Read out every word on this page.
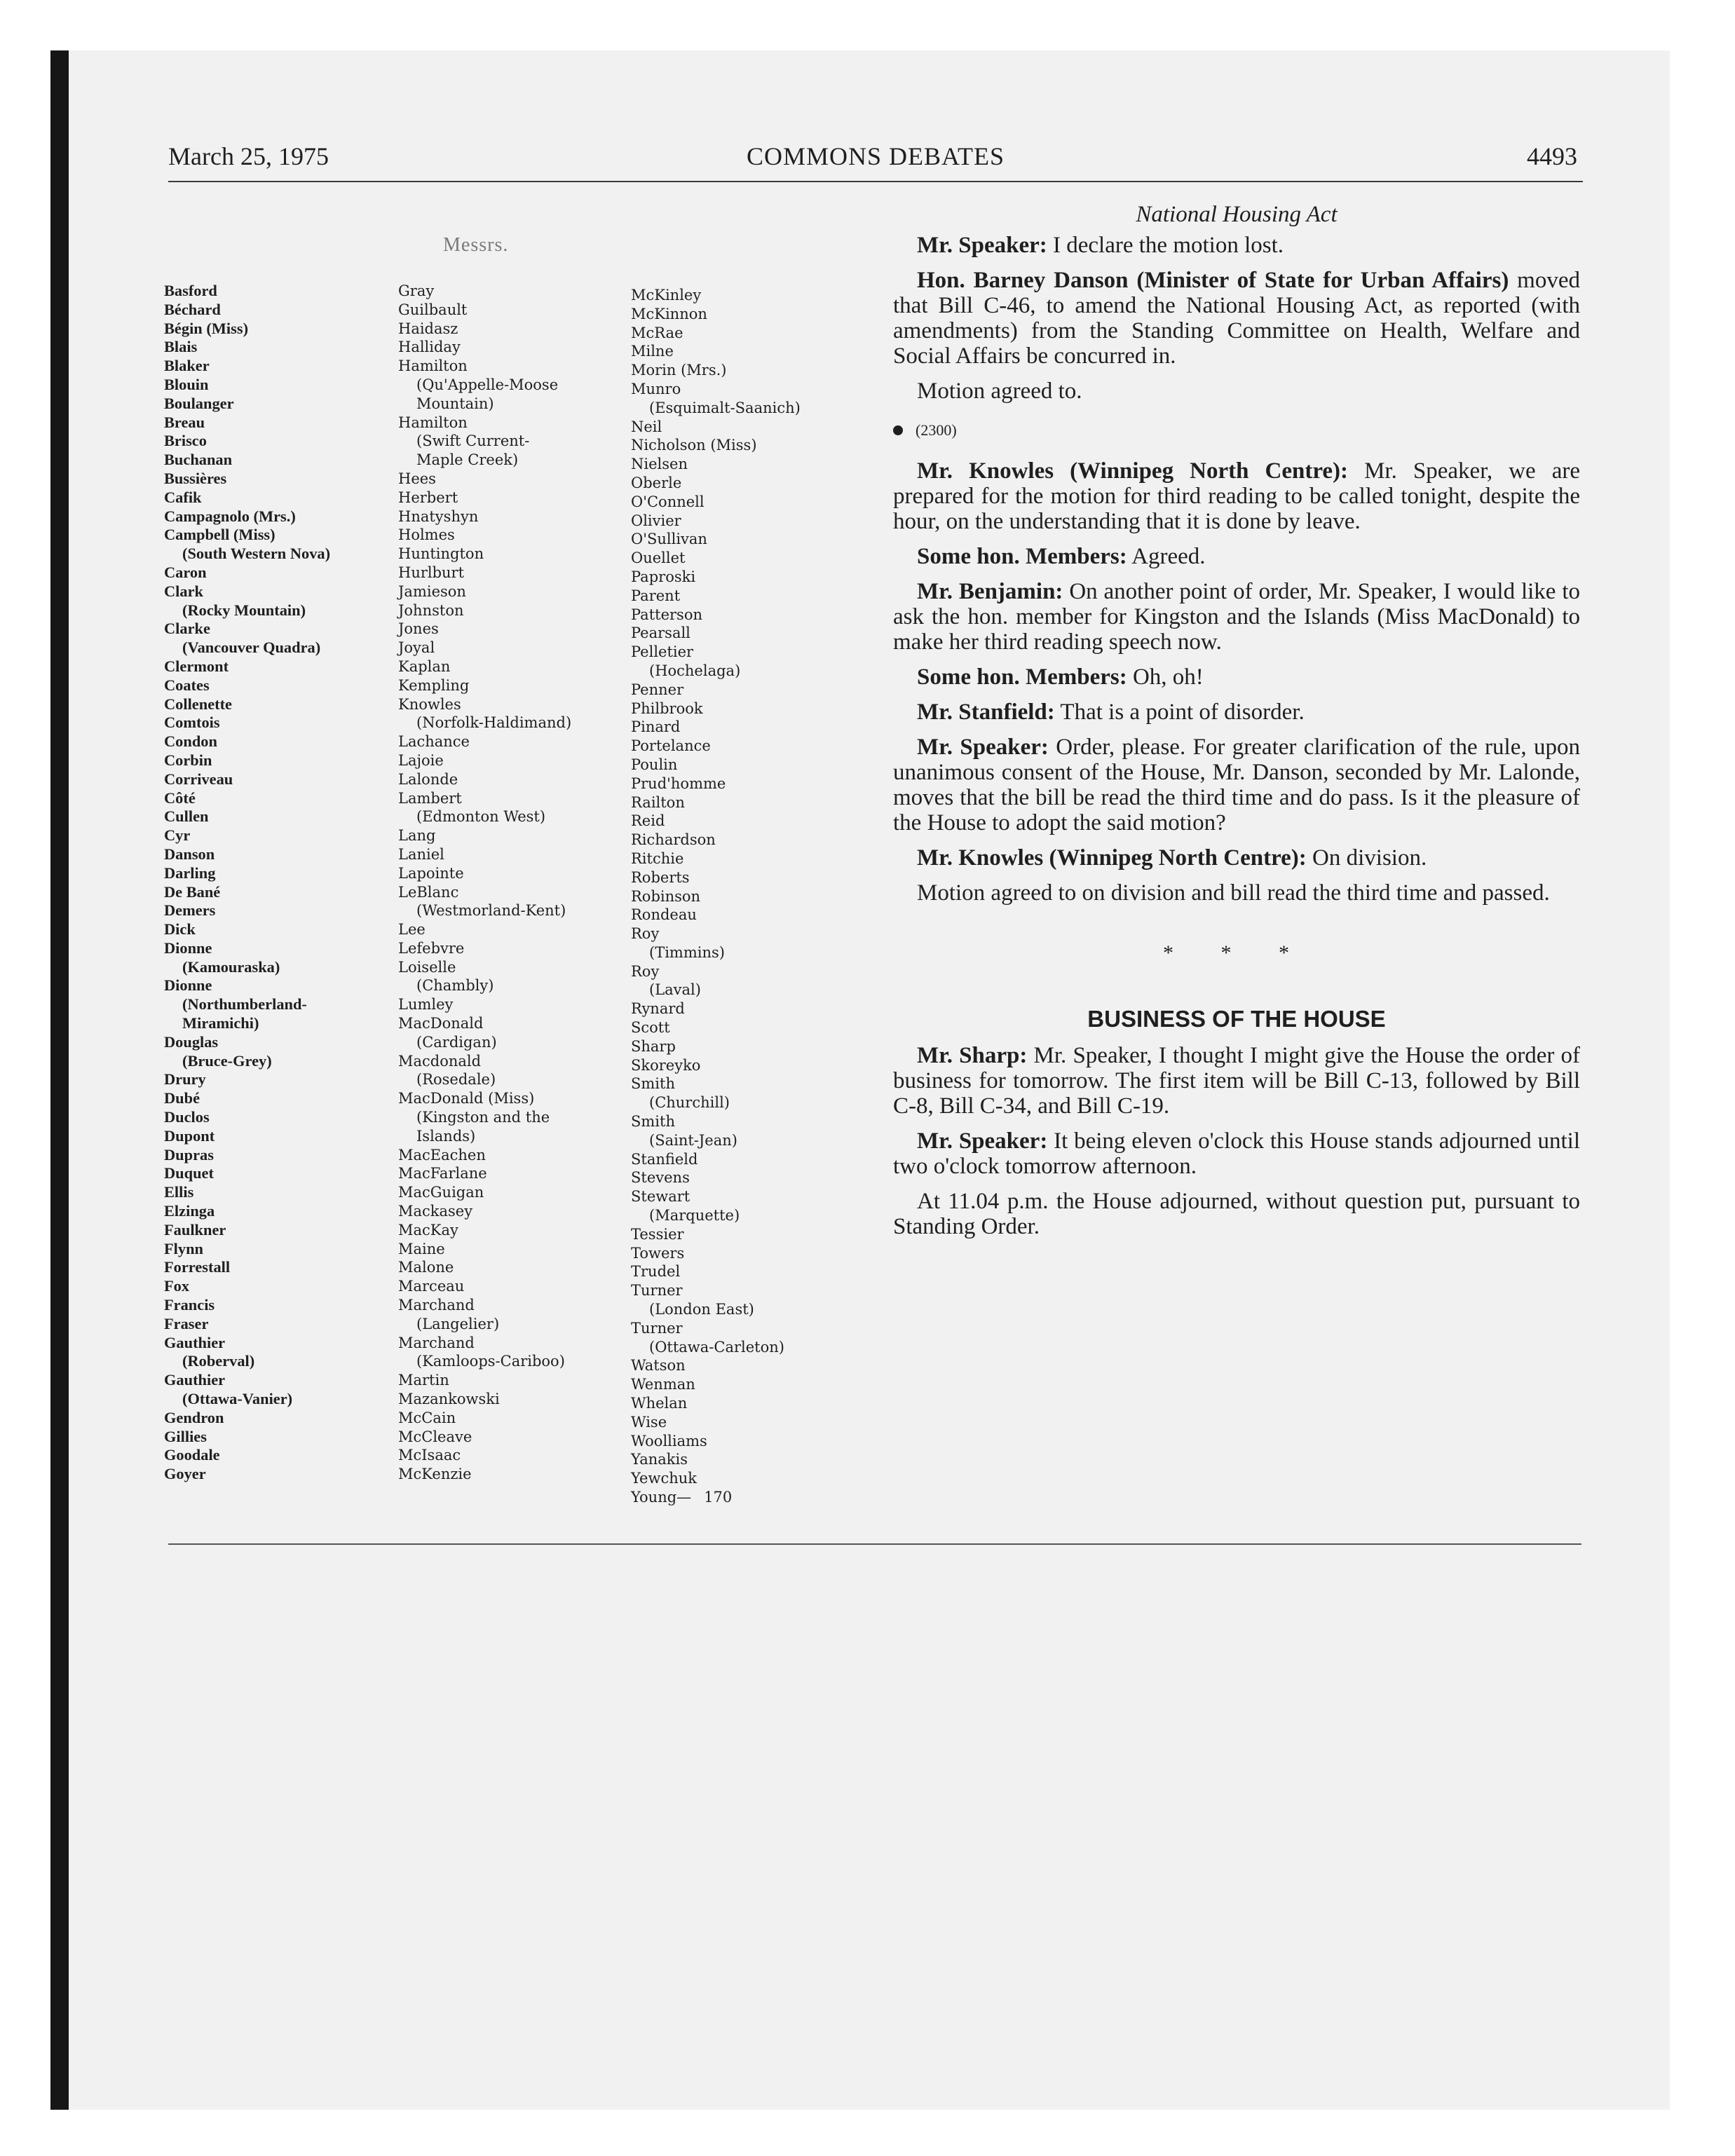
March 25, 1975	COMMONS DEBATES	4493
Messrs.
Basford
Béchard
Bégin (Miss)
Blais
Blaker
Blouin
Boulanger
Breau
Brisco
Buchanan
Bussières
Cafik
Campagnolo (Mrs.)
Campbell (Miss)
(South Western Nova)
Caron
Clark
(Rocky Mountain)
Clarke
(Vancouver Quadra)
Clermont
Coates
Collenette
Comtois
Condon
Corbin
Corriveau
Côté
Cullen
Cyr
Danson
Darling
De Bané
Demers
Dick
Dionne
(Kamouraska)
Dionne
(Northumberland-
Miramichi)
Douglas
(Bruce-Grey)
Drury
Dubé
Duclos
Dupont
Dupras
Duquet
Ellis
Elzinga
Faulkner
Flynn
Forrestall
Fox
Francis
Fraser
Gauthier
(Roberval)
Gauthier
(Ottawa-Vanier)
Gendron
Gillies
Goodale
Goyer
Gray
Guilbault
Haidasz
Halliday
Hamilton
(Qu'Appelle-Moose
Mountain)
Hamilton
(Swift Current-
Maple Creek)
Hees
Herbert
Hnatyshyn
Holmes
Huntington
Hurlburt
Jamieson
Johnston
Jones
Joyal
Kaplan
Kempling
Knowles
(Norfolk-Haldimand)
Lachance
Lajoie
Lalonde
Lambert
(Edmonton West)
Lang
Laniel
Lapointe
LeBlanc
(Westmorland-Kent)
Lee
Lefebvre
Loiselle
(Chambly)
Lumley
MacDonald
(Cardigan)
Macdonald
(Rosedale)
MacDonald (Miss)
(Kingston and the
Islands)
MacEachen
MacFarlane
MacGuigan
Mackasey
MacKay
Maine
Malone
Marceau
Marchand
(Langelier)
Marchand
(Kamloops-Cariboo)
Martin
Mazankowski
McCain
McCleave
McIsaac
McKenzie
McKinley
McKinnon
McRae
Milne
Morin (Mrs.)
Munro
(Esquimalt-Saanich)
Neil
Nicholson (Miss)
Nielsen
Oberle
O'Connell
Olivier
O'Sullivan
Ouellet
Paproski
Parent
Patterson
Pearsall
Pelletier
(Hochelaga)
Penner
Philbrook
Pinard
Portelance
Poulin
Prud'homme
Railton
Reid
Richardson
Ritchie
Roberts
Robinson
Rondeau
Roy
(Timmins)
Roy
(Laval)
Rynard
Scott
Sharp
Skoreyko
Smith
(Churchill)
Smith
(Saint-Jean)
Stanfield
Stevens
Stewart
(Marquette)
Tessier
Towers
Trudel
Turner
(London East)
Turner
(Ottawa-Carleton)
Watson
Wenman
Whelan
Wise
Woolliams
Yanakis
Yewchuk
Young— 170
National Housing Act

Mr. Speaker: I declare the motion lost.

Hon. Barney Danson (Minister of State for Urban Affairs) moved that Bill C-46, to amend the National Housing Act, as reported (with amendments) from the Standing Committee on Health, Welfare and Social Affairs be concurred in.

Motion agreed to.

(2300)

Mr. Knowles (Winnipeg North Centre): Mr. Speaker, we are prepared for the motion for third reading to be called tonight, despite the hour, on the understanding that it is done by leave.

Some hon. Members: Agreed.

Mr. Benjamin: On another point of order, Mr. Speaker, I would like to ask the hon. member for Kingston and the Islands (Miss MacDonald) to make her third reading speech now.

Some hon. Members: Oh, oh!

Mr. Stanfield: That is a point of disorder.

Mr. Speaker: Order, please. For greater clarification of the rule, upon unanimous consent of the House, Mr. Danson, seconded by Mr. Lalonde, moves that the bill be read the third time and do pass. Is it the pleasure of the House to adopt the said motion?

Mr. Knowles (Winnipeg North Centre): On division.

Motion agreed to on division and bill read the third time and passed.

* * *
BUSINESS OF THE HOUSE

Mr. Sharp: Mr. Speaker, I thought I might give the House the order of business for tomorrow. The first item will be Bill C-13, followed by Bill C-8, Bill C-34, and Bill C-19.

Mr. Speaker: It being eleven o'clock this House stands adjourned until two o'clock tomorrow afternoon.

At 11.04 p.m. the House adjourned, without question put, pursuant to Standing Order.
